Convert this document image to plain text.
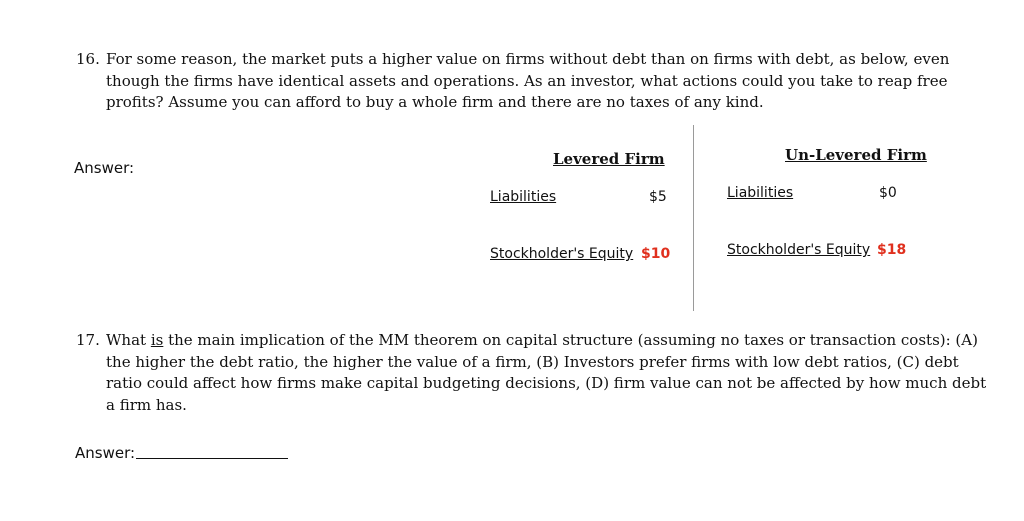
16. For some reason, the market puts a higher value on firms without debt than on firms with debt, as below, even though the firms have identical assets and operations. As an investor, what actions could you take to reap free profits? Assume you can afford to buy a whole firm and there are no taxes of any kind.
Answer:	Levered Firm
Liabilities	$5
Stockholder's Equity $10
Un-Levered Firm
Liabilities	$0
Stockholder's Equity $18
17. What is the main implication of the MM theorem on capital structure (assuming no taxes or transaction costs): (A) the higher the debt ratio, the higher the value of a firm, (B) Investors prefer firms with low debt ratios, (C) debt ratio could affect how firms make capital budgeting decisions, (D) firm value can not be affected by how much debt a firm has.
Answer:
